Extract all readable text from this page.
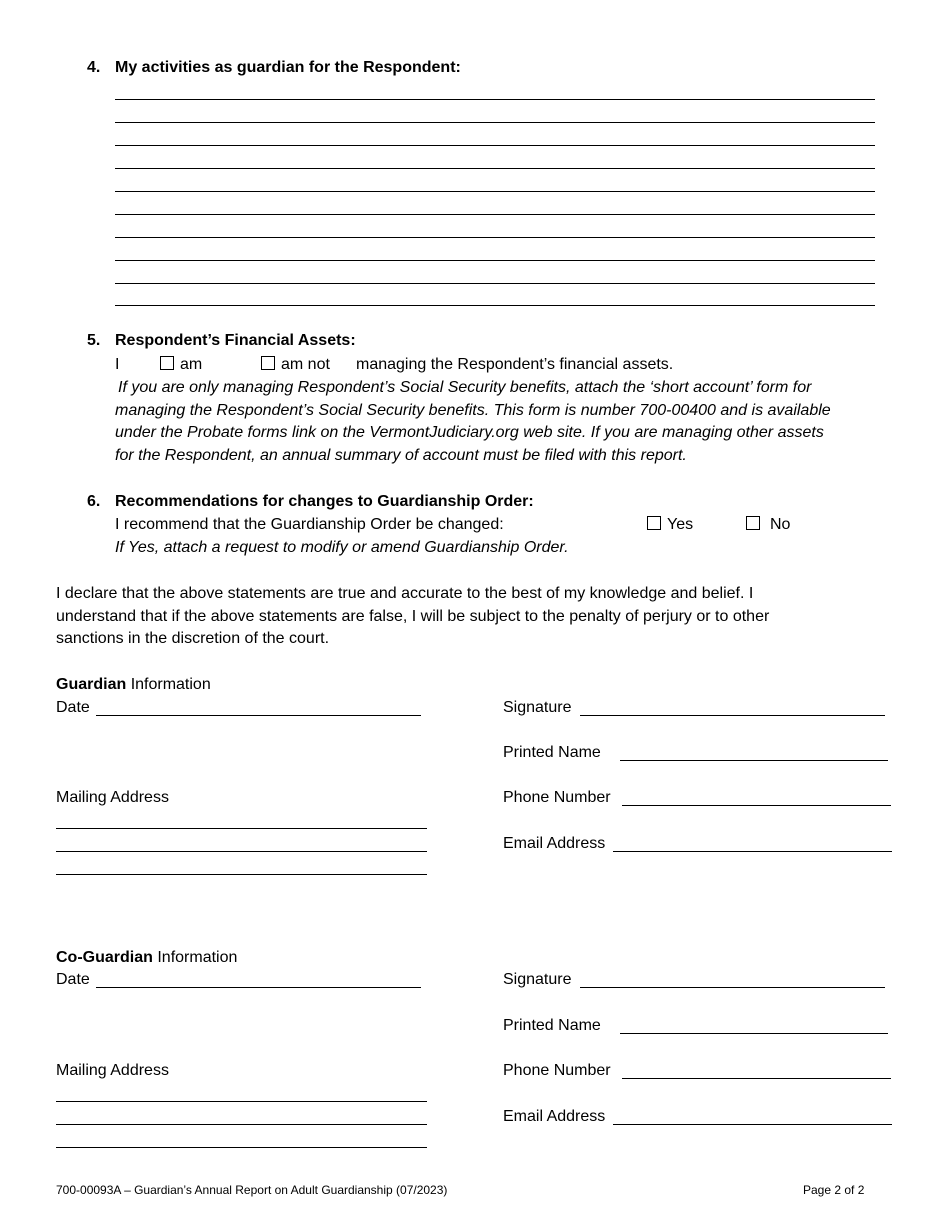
4. My activities as guardian for the Respondent:
5. Respondent’s Financial Assets:
I	am	am not managing the Respondent’s financial assets.
If you are only managing Respondent’s Social Security benefits, attach the ‘short account’ form for
managing the Respondent’s Social Security benefits. This form is number 700-00400 and is available
under the Probate forms link on the VermontJudiciary.org web site. If you are managing other assets
for the Respondent, an annual summary of account must be filed with this report.
6. Recommendations for changes to Guardianship Order:
I recommend that the Guardianship Order be changed:	Yes	No
If Yes, attach a request to modify or amend Guardianship Order.
I declare that the above statements are true and accurate to the best of my knowledge and belief. I
understand that if the above statements are false, I will be subject to the penalty of perjury or to other
sanctions in the discretion of the court.
Guardian Information
Date	Signature
Printed Name
Mailing Address	Phone Number
Email Address
Co-Guardian Information
Date	Signature
Printed Name
Mailing Address	Phone Number
Email Address
700-00093A – Guardian’s Annual Report on Adult Guardianship (07/2023)	Page 2 of 2
